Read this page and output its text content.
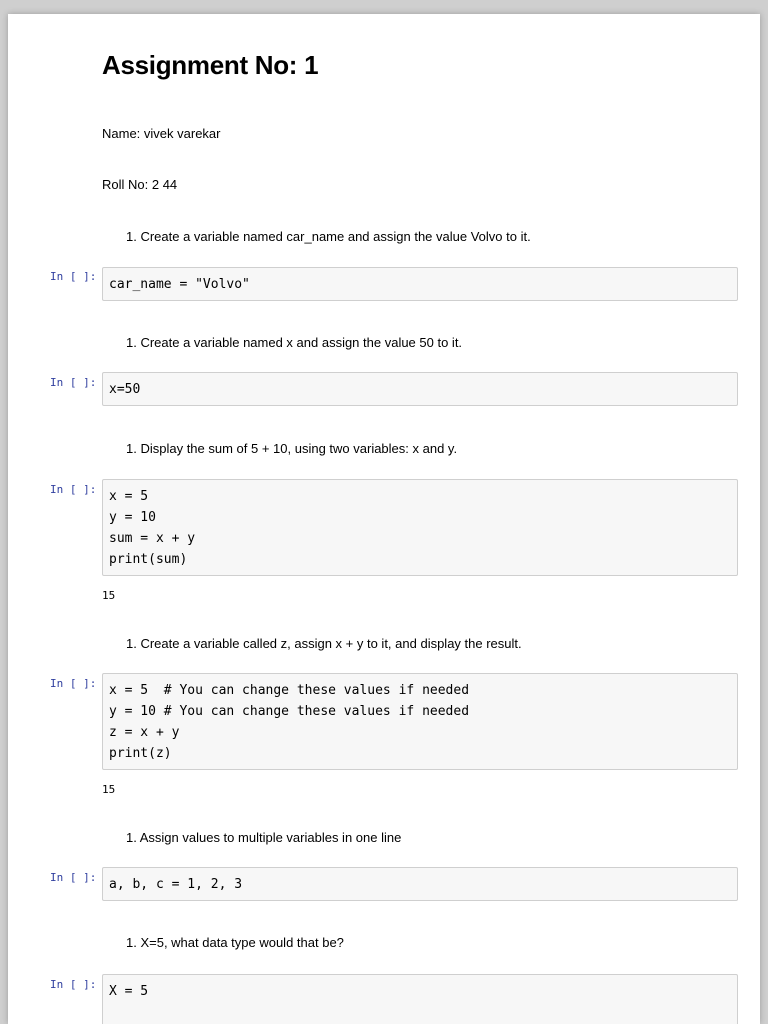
Assignment No: 1
Name: vivek varekar
Roll No: 2 44
1. Create a variable named car_name and assign the value Volvo to it.
In [ ]:
car_name = "Volvo"
1. Create a variable named x and assign the value 50 to it.
In [ ]: x=50
1. Display the sum of 5 + 10, using two variables: x and y.
In [ ]: x = 5
y = 10
sum = x + y
print(sum)
15
1. Create a variable called z, assign x + y to it, and display the result.
In [ ]: x = 5  # You can change these values if needed
y = 10 # You can change these values if needed
z = x + y
print(z)
15
1. Assign values to multiple variables in one line
In [ ]: a, b, c = 1, 2, 3
1. X=5, what data type would that be?
In [ ]: X = 5
